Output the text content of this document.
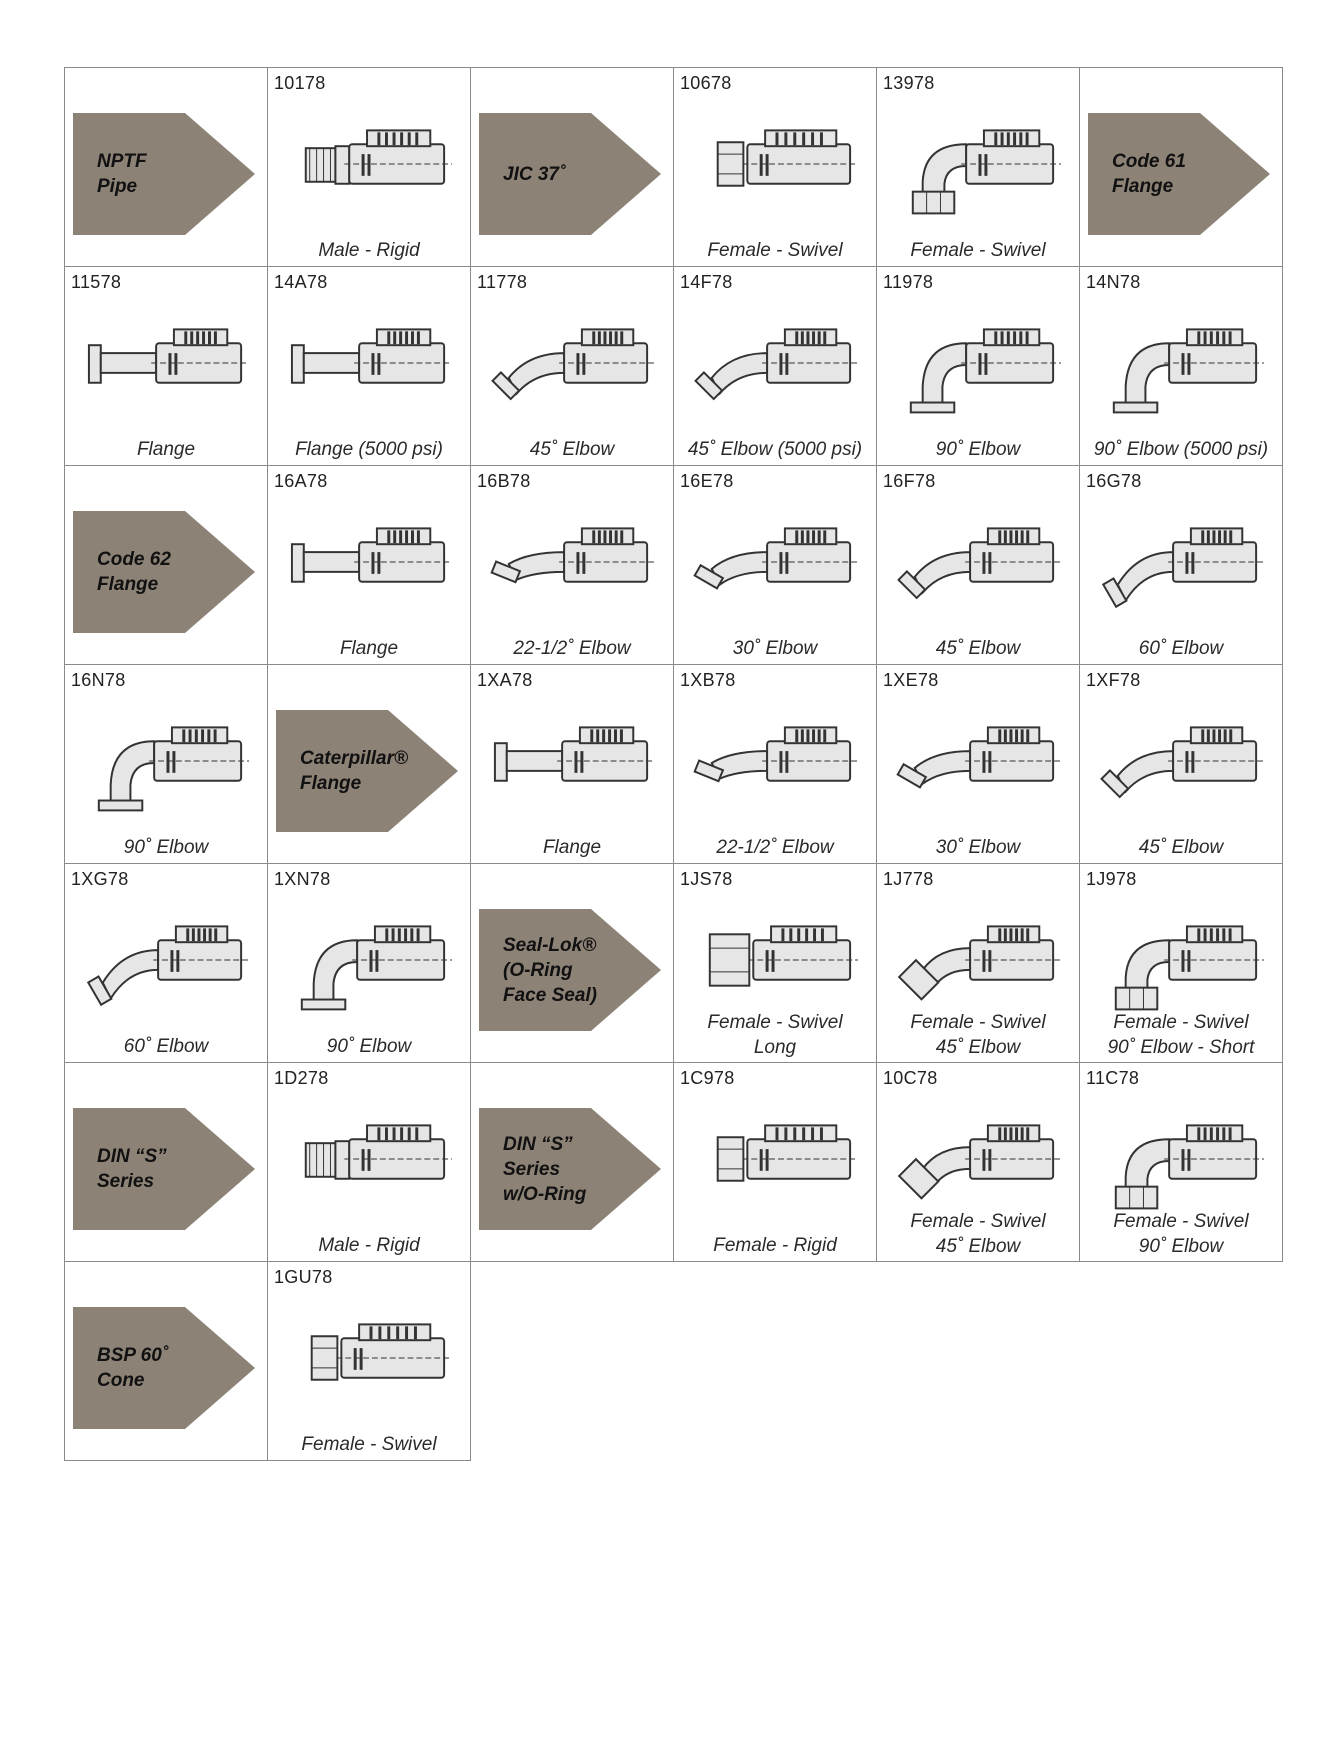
NPTF
Pipe
10178
Male - Rigid
JIC 37˚
10678
Female - Swivel
13978
Female - Swivel
Code 61
Flange
11578
Flange
14A78
Flange (5000 psi)
11778
45˚ Elbow
14F78
45˚ Elbow (5000 psi)
11978
90˚ Elbow
14N78
90˚ Elbow (5000 psi)
Code 62
Flange
16A78
Flange
16B78
22-1/2˚ Elbow
16E78
30˚ Elbow
16F78
45˚ Elbow
16G78
60˚ Elbow
16N78
90˚ Elbow
Caterpillar®
Flange
1XA78
Flange
1XB78
22-1/2˚ Elbow
1XE78
30˚ Elbow
1XF78
45˚ Elbow
1XG78
60˚ Elbow
1XN78
90˚ Elbow
Seal-Lok®
(O-Ring
Face Seal)
1JS78
Female - Swivel
Long
1J778
Female - Swivel
45˚ Elbow
1J978
Female - Swivel
90˚ Elbow - Short
DIN “S”
Series
1D278
Male - Rigid
DIN “S”
Series
w/O-Ring
1C978
Female - Rigid
10C78
Female - Swivel
45˚ Elbow
11C78
Female - Swivel
90˚ Elbow
BSP 60˚
Cone
1GU78
Female - Swivel
